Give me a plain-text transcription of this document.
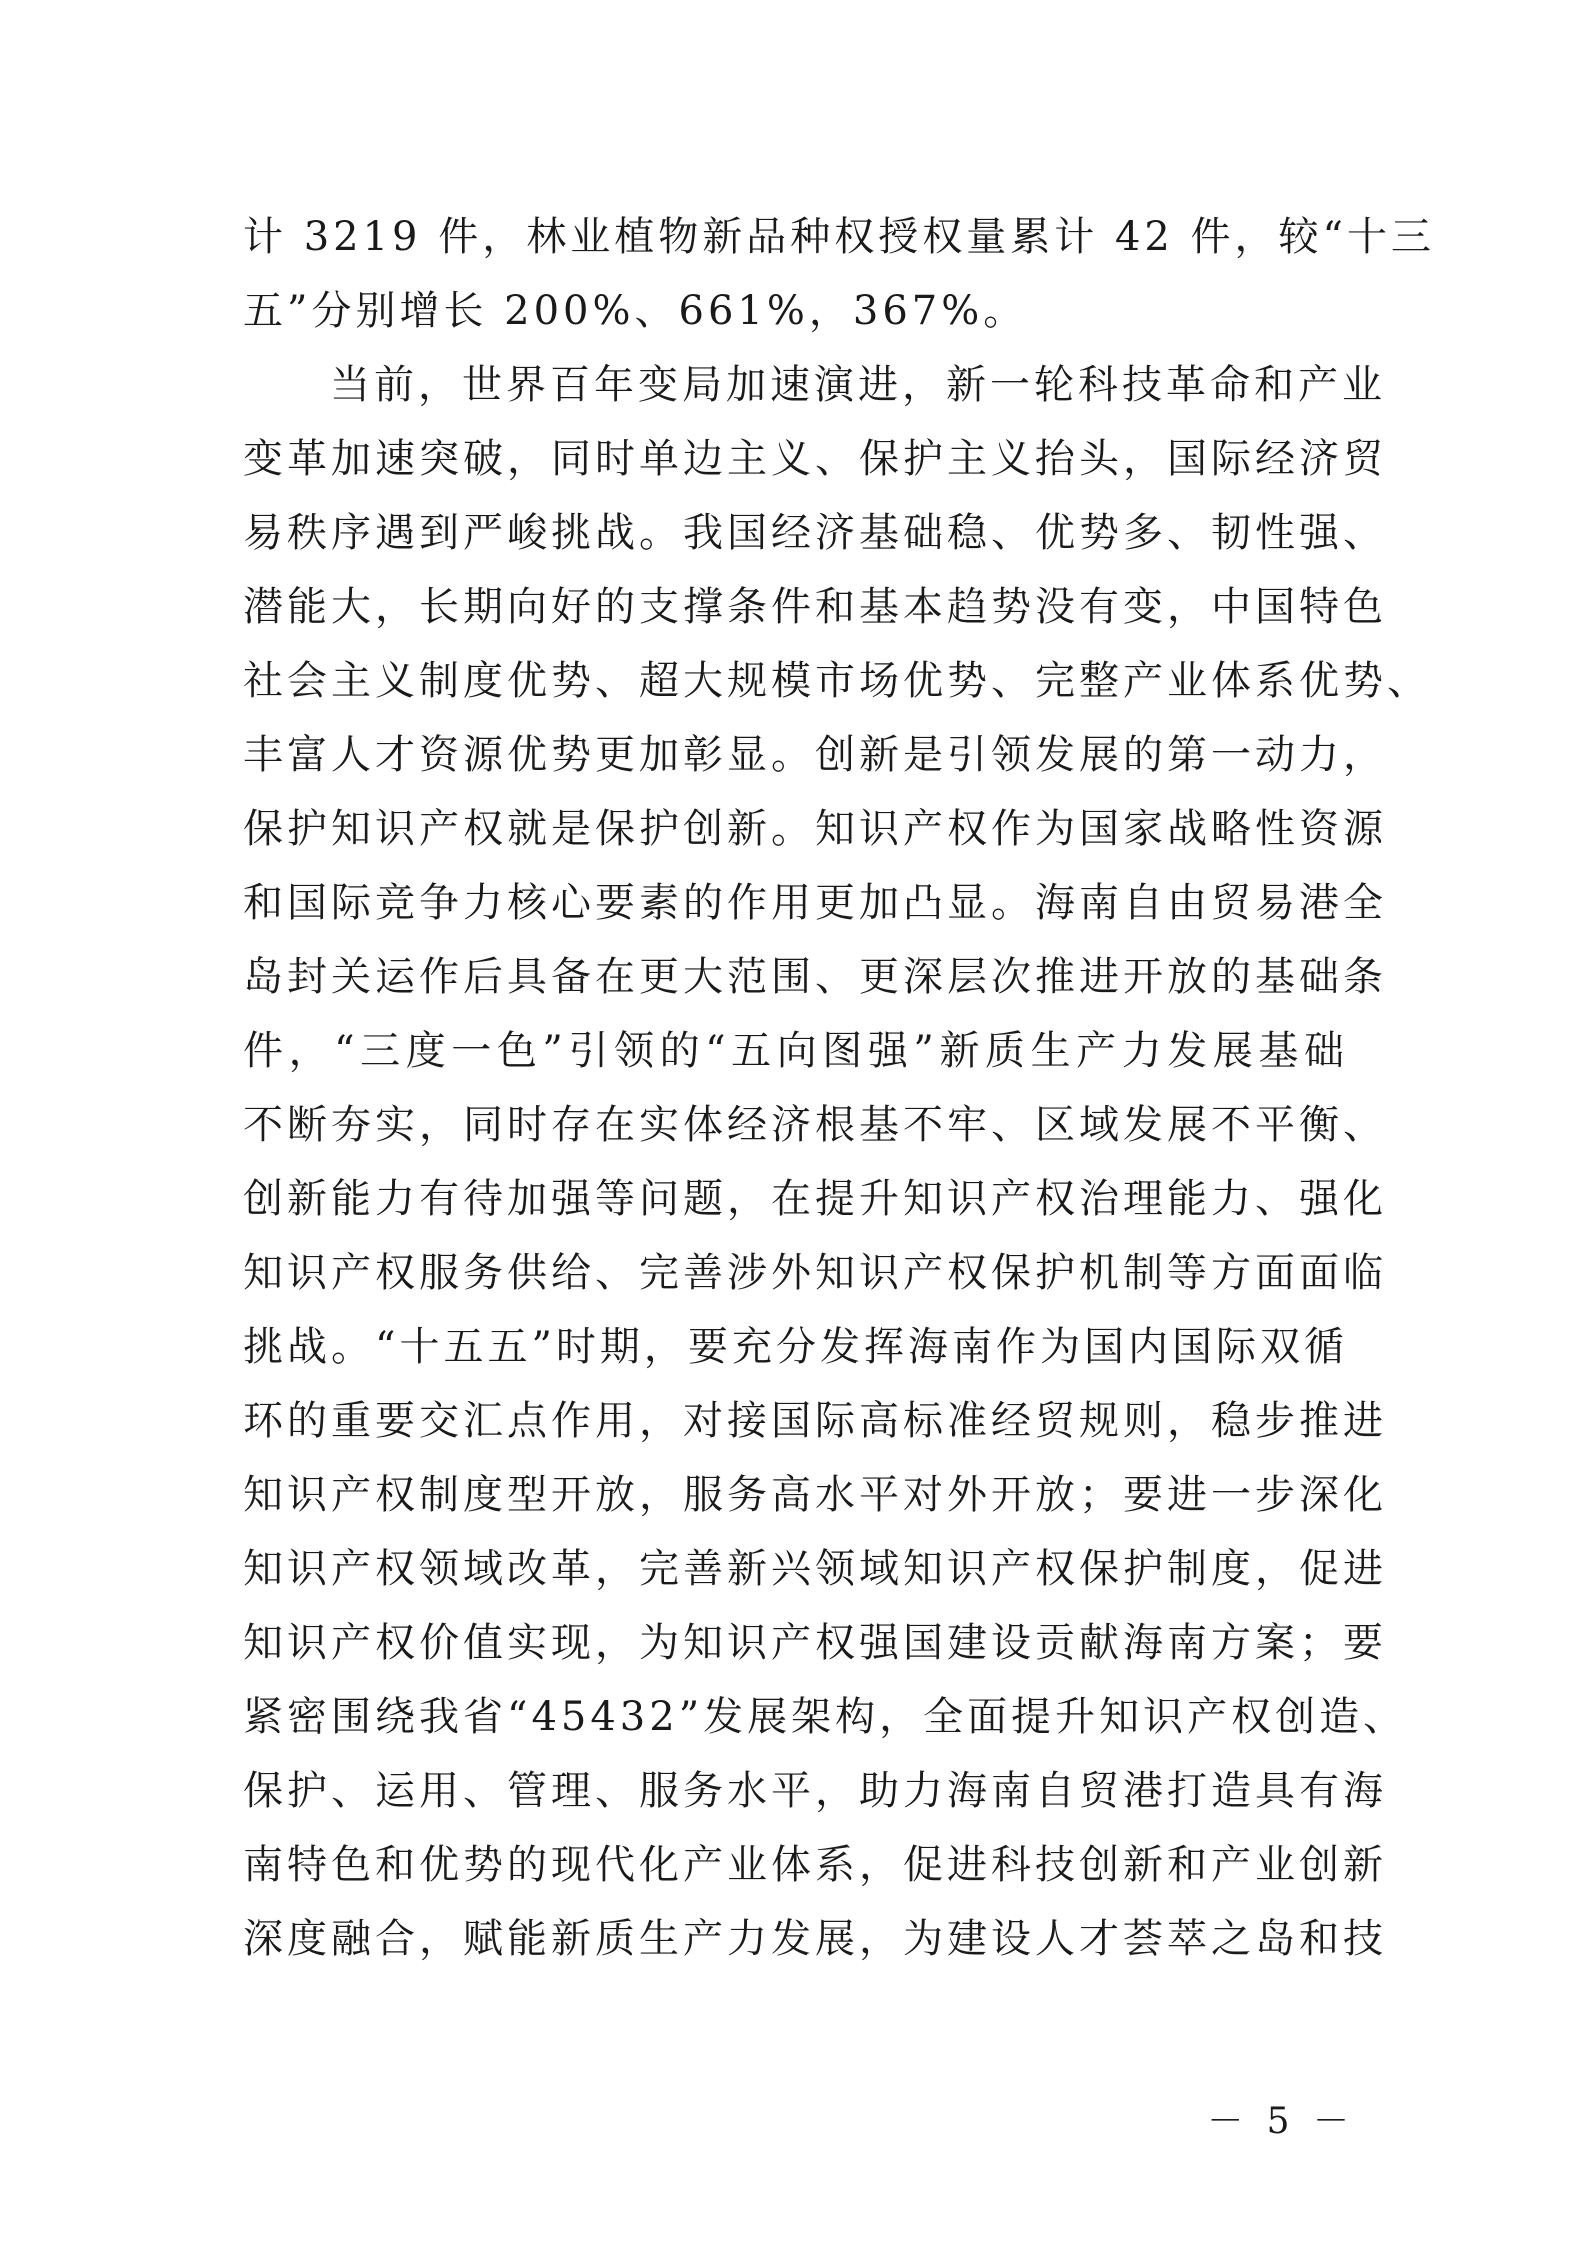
计 3219 件，林业植物新品种权授权量累计 42 件，较“十三
五”分别增长 200%、661%，367%。
当前，世界百年变局加速演进，新一轮科技革命和产业
变革加速突破，同时单边主义、保护主义抬头，国际经济贸
易秩序遇到严峻挑战。我国经济基础稳、优势多、韧性强、
潜能大，长期向好的支撑条件和基本趋势没有变，中国特色
社会主义制度优势、超大规模市场优势、完整产业体系优势、
丰富人才资源优势更加彰显。创新是引领发展的第一动力，
保护知识产权就是保护创新。知识产权作为国家战略性资源
和国际竞争力核心要素的作用更加凸显。海南自由贸易港全
岛封关运作后具备在更大范围、更深层次推进开放的基础条
件，“三度一色”引领的“五向图强”新质生产力发展基础
不断夯实，同时存在实体经济根基不牢、区域发展不平衡、
创新能力有待加强等问题，在提升知识产权治理能力、强化
知识产权服务供给、完善涉外知识产权保护机制等方面面临
挑战。“十五五”时期，要充分发挥海南作为国内国际双循
环的重要交汇点作用，对接国际高标准经贸规则，稳步推进
知识产权制度型开放，服务高水平对外开放；要进一步深化
知识产权领域改革，完善新兴领域知识产权保护制度，促进
知识产权价值实现，为知识产权强国建设贡献海南方案；要
紧密围绕我省“45432”发展架构，全面提升知识产权创造、
保护、运用、管理、服务水平，助力海南自贸港打造具有海
南特色和优势的现代化产业体系，促进科技创新和产业创新
深度融合，赋能新质生产力发展，为建设人才荟萃之岛和技
－ 5 －
